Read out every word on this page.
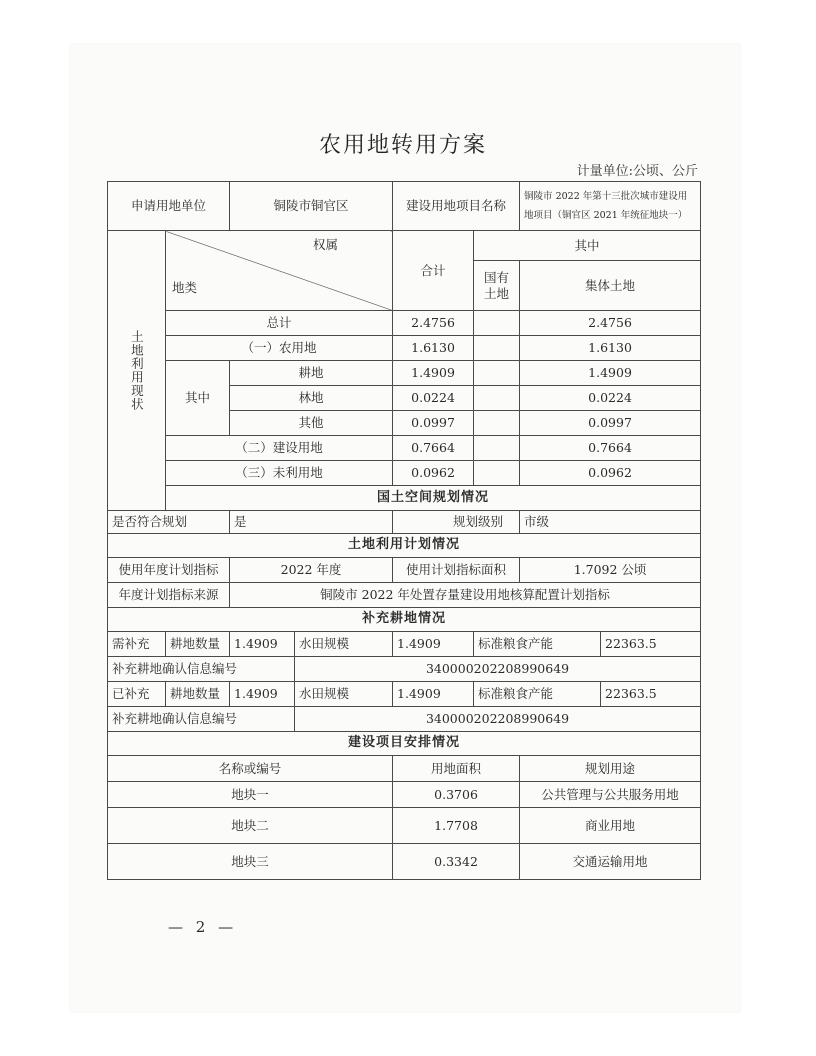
农用地转用方案
计量单位:公顷、公斤
申请用地单位		铜陵市铜官区		建设用地项目名称		铜陵市 2022 年第十三批次城市建设用地项目（铜官区 2021 年统征地块一）	
土地利用现状	权属
地类			合计	其中		
					国有土地	集体土地	
	总计			2.4756		2.4756	
	（一）农用地			1.6130		1.6130	
	其中	耕地		1.4909		1.4909	
		林地		0.0224		0.0224	
		其他		0.0997		0.0997	
	（二）建设用地			0.7664		0.7664	
	（三）未利用地			0.0962		0.0962	
	国土空间规划情况						
是否符合规划		是		规划级别		市级	
土地利用计划情况							
使用年度计划指标		2022 年度		使用计划指标面积		1.7092 公顷	
年度计划指标来源		铜陵市 2022 年处置存量建设用地核算配置计划指标					
补充耕地情况							
需补充	耕地数量	1.4909	水田规模	1.4909	标准粮食产能		22363.5
补充耕地确认信息编号			340000202208990649				
已补充	耕地数量	1.4909	水田规模	1.4909	标准粮食产能		22363.5
补充耕地确认信息编号			340000202208990649				
建设项目安排情况							
名称或编号				用地面积		规划用途	
地块一				0.3706		公共管理与公共服务用地	
地块二				1.7708		商业用地	
地块三				0.3342		交通运输用地	
— 2 —
